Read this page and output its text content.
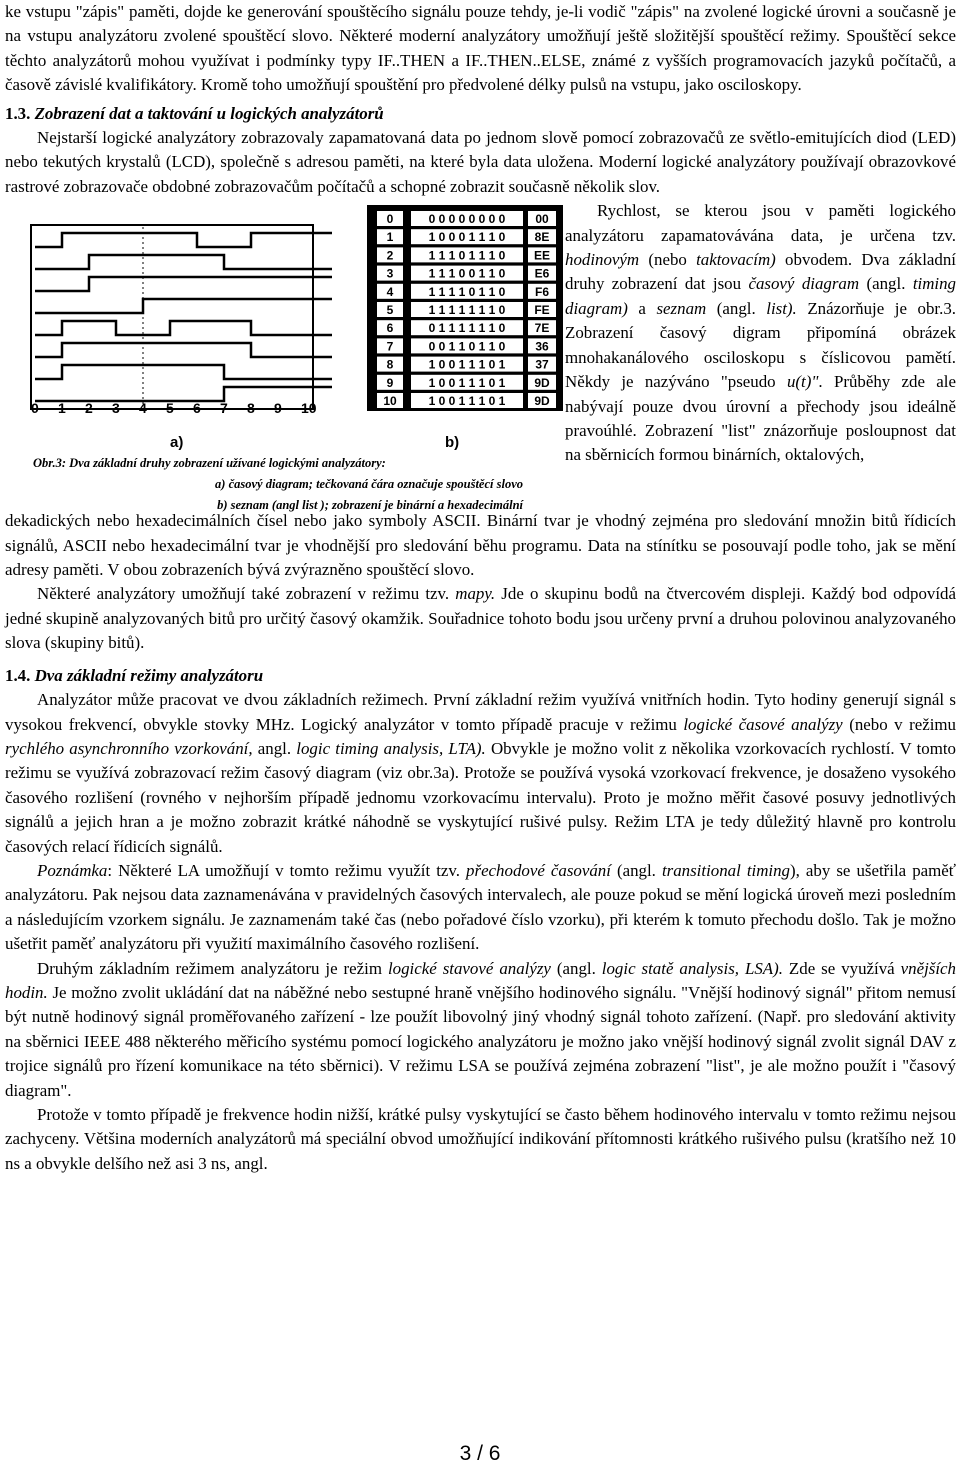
ke vstupu "zápis" paměti, dojde ke generování spouštěcího signálu pouze tehdy, je-li vodič "zápis" na zvolené logické úrovni a současně je na vstupu analyzátoru zvolené spouštěcí slovo. Některé moderní analyzátory umožňují ještě složitější spouštěcí režimy. Spouštěcí sekce těchto analyzátorů mohou využívat i podmínky typy IF..THEN a IF..THEN..ELSE, známé z vyšších programovacích jazyků počítačů, a časově závislé kvalifikátory. Kromě toho umožňují spouštění pro předvolené délky pulsů na vstupu, jako osciloskopy.

1.3. Zobrazení dat a taktování u logických analyzátorů

Nejstarší logické analyzátory zobrazovaly zapamatovaná data po jednom slově pomocí zobrazovačů ze světlo-emitujících diod (LED) nebo tekutých krystalů (LCD), společně s adresou paměti, na které byla data uložena. Moderní logické analyzátory používají obrazovkové rastrové zobrazovače obdobné zobrazovačům počítačů a schopné zobrazit současně několik slov.

Rychlost, se kterou jsou v paměti logického analyzátoru zapamatovávána data, je určena tzv. hodinovým (nebo taktovacím) obvodem. Dva základní druhy zobrazení dat jsou časový diagram (angl. timing diagram) a seznam (angl. list). Znázorňuje je obr.3. Zobrazení časový digram připomíná obrázek mnohakanálového osciloskopu s číslicovou pamětí. Někdy je nazýváno "pseudo u(t)". Průběhy zde ale nabývají pouze dvou úrovní a přechody jsou ideálně pravoúhlé. Zobrazení "list" znázorňuje posloupnost dat na sběrnicích formou binárních, oktalových,

0 1 2 3 4 5 6 7 8 9 10
0	0 0 0 0 0 0 0 0 00
1	1 0 0 0 1 1 1 0 8E
2	1 1 1 0 1 1 1 0 EE
3	1 1 1 0 0 1 1 0 E6
4	1 1 1 1 0 1 1 0 F6
5	1 1 1 1 1 1 1 0 FE
6	0 1 1 1 1 1 1 0 7E
7	0 0 1 1 0 1 1 0 36
8	1 0 0 1 1 1 0 1 37
9	1 0 0 1 1 1 0 1 9D
10	1 0 0 1 1 1 0 1 9D
a)	b)
Obr.3: Dva základní druhy zobrazení užívané logickými analyzátory:
a) časový diagram; tečkovaná čára označuje spouštěcí slovo
b) seznam (angl list ); zobrazení je binární a hexadecimální

dekadických nebo hexadecimálních čísel nebo jako symboly ASCII. Binární tvar je vhodný zejména pro sledování množin bitů řídicích signálů, ASCII nebo hexadecimální tvar je vhodnější pro sledování běhu programu. Data na stínítku se posouvají podle toho, jak se mění adresy paměti. V obou zobrazeních bývá zvýrazněno spouštěcí slovo.

Některé analyzátory umožňují také zobrazení v režimu tzv. mapy. Jde o skupinu bodů na čtvercovém displeji. Každý bod odpovídá jedné skupině analyzovaných bitů pro určitý časový okamžik. Souřadnice tohoto bodu jsou určeny první a druhou polovinou analyzovaného slova (skupiny bitů).

1.4. Dva základní režimy analyzátoru

Analyzátor může pracovat ve dvou základních režimech. První základní režim využívá vnitřních hodin. Tyto hodiny generují signál s vysokou frekvencí, obvykle stovky MHz. Logický analyzátor v tomto případě pracuje v režimu logické časové analýzy (nebo v režimu rychlého asynchronního vzorkování, angl. logic timing analysis, LTA). Obvykle je možno volit z několika vzorkovacích rychlostí. V tomto režimu se využívá zobrazovací režim časový diagram (viz obr.3a). Protože se používá vysoká vzorkovací frekvence, je dosaženo vysokého časového rozlišení (rovného v nejhorším případě jednomu vzorkovacímu intervalu). Proto je možno měřit časové posuvy jednotlivých signálů a jejich hran a je možno zobrazit krátké náhodně se vyskytující rušivé pulsy. Režim LTA je tedy důležitý hlavně pro kontrolu časových relací řídicích signálů.

Poznámka: Některé LA umožňují v tomto režimu využít tzv. přechodové časování (angl. transitional timing), aby se ušetřila paměť analyzátoru. Pak nejsou data zaznamenávána v pravidelných časových intervalech, ale pouze pokud se mění logická úroveň mezi posledním a následujícím vzorkem signálu. Je zaznamenám také čas (nebo pořadové číslo vzorku), při kterém k tomuto přechodu došlo. Tak je možno ušetřit paměť analyzátoru při využití maximálního časového rozlišení.

Druhým základním režimem analyzátoru je režim logické stavové analýzy (angl. logic statě analysis, LSA). Zde se využívá vnějších hodin. Je možno zvolit ukládání dat na náběžné nebo sestupné hraně vnějšího hodinového signálu. "Vnější hodinový signál" přitom nemusí být nutně hodinový signál proměřovaného zařízení - lze použít libovolný jiný vhodný signál tohoto zařízení. (Např. pro sledování aktivity na sběrnici IEEE 488 některého měřicího systému pomocí logického analyzátoru je možno jako vnější hodinový signál zvolit signál DAV z trojice signálů pro řízení komunikace na této sběrnici). V režimu LSA se používá zejména zobrazení "list", je ale možno použít i "časový diagram".

Protože v tomto případě je frekvence hodin nižší, krátké pulsy vyskytující se často během hodinového intervalu v tomto režimu nejsou zachyceny. Většina moderních analyzátorů má speciální obvod umožňující indikování přítomnosti krátkého rušivého pulsu (kratšího než 10 ns a obvykle delšího než asi 3 ns, angl.

3 / 6
